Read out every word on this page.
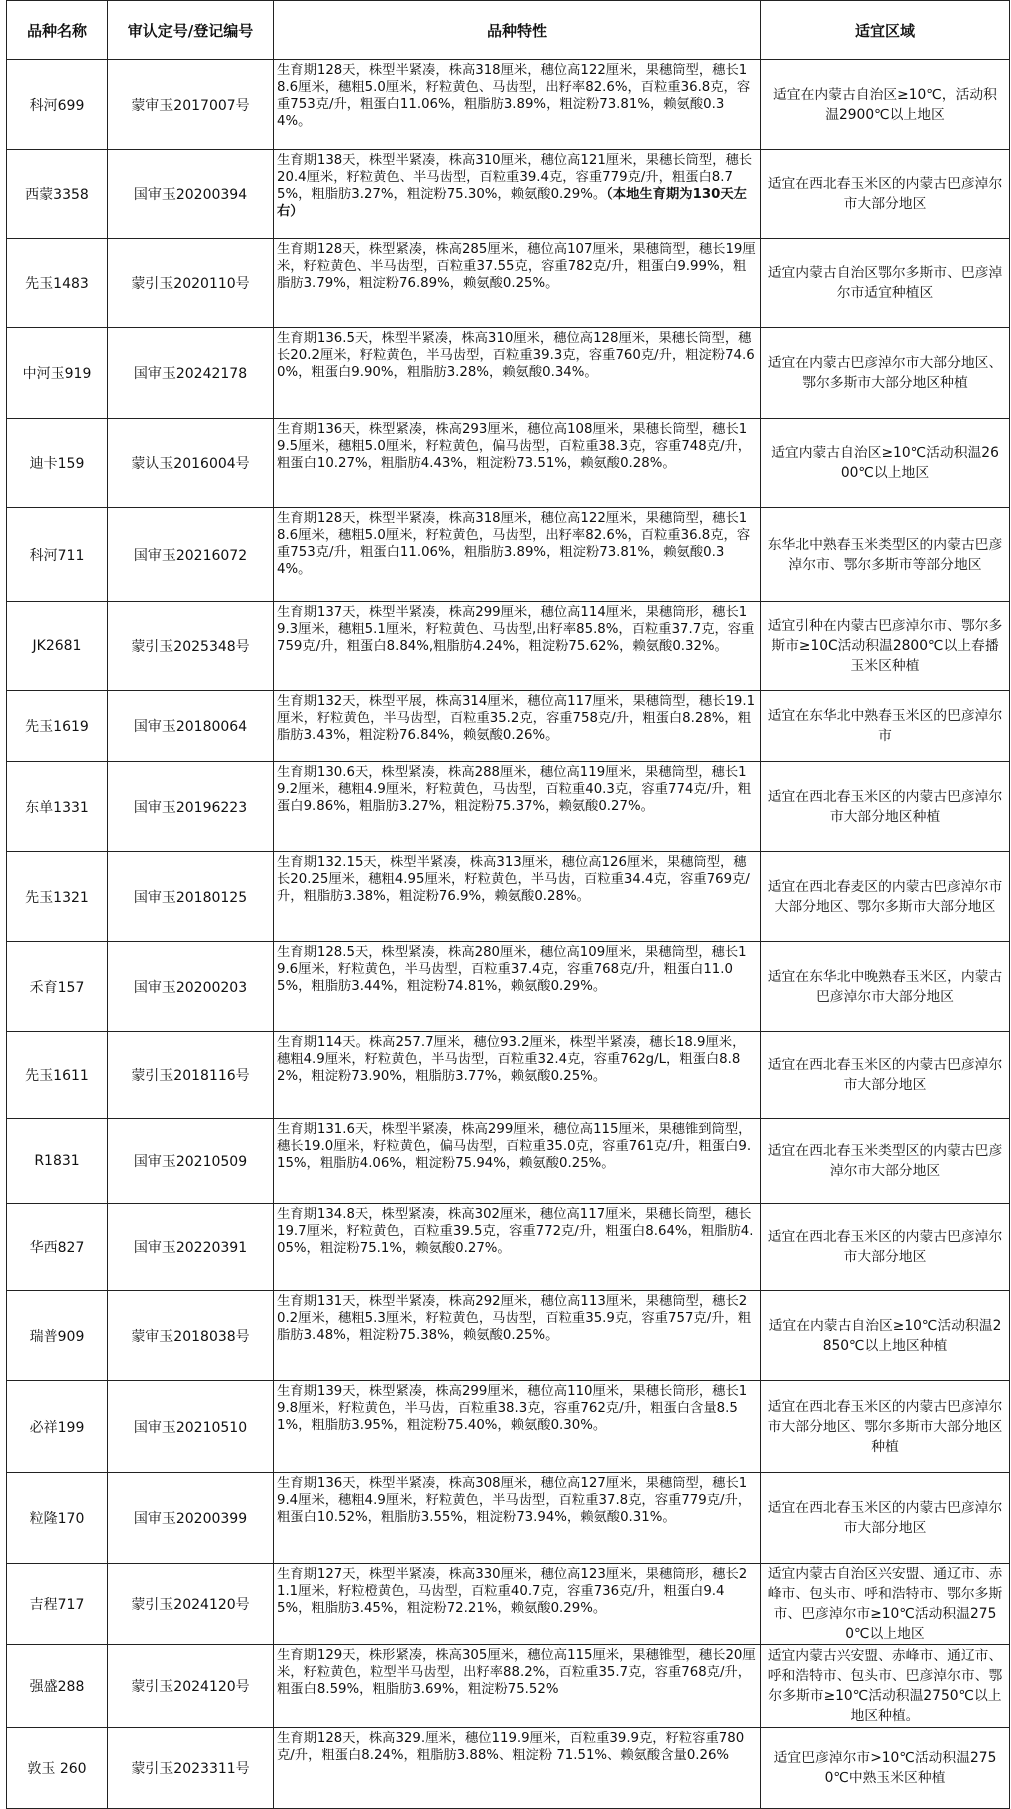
品种名称	审认定号/登记编号	品种特性	适宜区域
科河699	蒙审玉2017007号	生育期128天，株型半紧凑，株高318厘米，穗位高122厘米，果穗筒型，穗长18.6厘米，穗粗5.0厘米，籽粒黄色、马齿型，出籽率82.6%，百粒重36.8克，容重753克/升，粗蛋白11.06%，粗脂肪3.89%，粗淀粉73.81%，赖氨酸0.34%。	适宜在内蒙古自治区≥10℃，活动积温2900℃以上地区
西蒙3358	国审玉20200394	生育期138天，株型半紧凑，株高310厘米，穗位高121厘米，果穗长筒型，穗长20.4厘米，籽粒黄色、半马齿型，百粒重39.4克，容重779克/升，粗蛋白8.75%，粗脂肪3.27%，粗淀粉75.30%，赖氨酸0.29%。（本地生育期为130天左右）	适宜在西北春玉米区的内蒙古巴彦淖尔市大部分地区
先玉1483	蒙引玉2020110号	生育期128天，株型紧凑，株高285厘米，穗位高107厘米，果穗筒型，穗长19厘米，籽粒黄色、半马齿型，百粒重37.55克，容重782克/升，粗蛋白9.99%，粗脂肪3.79%，粗淀粉76.89%，赖氨酸0.25%。	适宜内蒙古自治区鄂尔多斯市、巴彦淖尔市适宜种植区
中河玉919	国审玉20242178	生育期136.5天，株型半紧凑，株高310厘米，穗位高128厘米，果穗长筒型，穗长20.2厘米，籽粒黄色，半马齿型，百粒重39.3克，容重760克/升，粗淀粉74.60%，粗蛋白9.90%，粗脂肪3.28%，赖氨酸0.34%。	适宜在内蒙古巴彦淖尔市大部分地区、鄂尔多斯市大部分地区种植
迪卡159	蒙认玉2016004号	生育期136天，株型紧凑，株高293厘米，穗位高108厘米，果穗长筒型，穗长19.5厘米，穗粗5.0厘米，籽粒黄色，偏马齿型，百粒重38.3克，容重748克/升，粗蛋白10.27%，粗脂肪4.43%，粗淀粉73.51%，赖氨酸0.28%。	适宜内蒙古自治区≥10℃活动积温2600℃以上地区
科河711	国审玉20216072	生育期128天，株型半紧凑，株高318厘米，穗位高122厘米，果穗筒型，穗长18.6厘米，穗粗5.0厘米，籽粒黄色，马齿型，出籽率82.6%，百粒重36.8克，容重753克/升，粗蛋白11.06%，粗脂肪3.89%，粗淀粉73.81%，赖氨酸0.34%。	东华北中熟春玉米类型区的内蒙古巴彦淖尔市、鄂尔多斯市等部分地区
JK2681	蒙引玉2025348号	生育期137天，株型半紧凑，株高299厘米，穗位高114厘米，果穗筒形，穗长19.3厘米，穗粗5.1厘米，籽粒黄色、马齿型,出籽率85.8%，百粒重37.7克，容重759克/升，粗蛋白8.84%,粗脂肪4.24%，粗淀粉75.62%，赖氨酸0.32%。	适宜引种在内蒙古巴彦淖尔市、鄂尔多斯市≥10C活动积温2800℃以上春播玉米区种植
先玉1619	国审玉20180064	生育期132天，株型平展，株高314厘米，穗位高117厘米，果穗筒型，穗长19.1厘米，籽粒黄色，半马齿型，百粒重35.2克，容重758克/升，粗蛋白8.28%，粗脂肪3.43%，粗淀粉76.84%，赖氨酸0.26%。	适宜在东华北中熟春玉米区的巴彦淖尔市
东单1331	国审玉20196223	生育期130.6天，株型紧凑，株高288厘米，穗位高119厘米，果穗筒型，穗长19.2厘米，穗粗4.9厘米，籽粒黄色，马齿型，百粒重40.3克，容重774克/升，粗蛋白9.86%，粗脂肪3.27%，粗淀粉75.37%，赖氨酸0.27%。	适宜在西北春玉米区的内蒙古巴彦淖尔市大部分地区种植
先玉1321	国审玉20180125	生育期132.15天，株型半紧凑，株高313厘米，穗位高126厘米，果穗筒型，穗长20.25厘米，穗粗4.95厘米，籽粒黄色，半马齿，百粒重34.4克，容重769克/升，粗脂肪3.38%，粗淀粉76.9%，赖氨酸0.28%。	适宜在西北春麦区的内蒙古巴彦淖尔市大部分地区、鄂尔多斯市大部分地区
禾育157	国审玉20200203	生育期128.5天，株型紧凑，株高280厘米，穗位高109厘米，果穗筒型，穗长19.6厘米，籽粒黄色，半马齿型，百粒重37.4克，容重768克/升，粗蛋白11.05%，粗脂肪3.44%，粗淀粉74.81%，赖氨酸0.29%。	适宜在东华北中晚熟春玉米区，内蒙古巴彦淖尔市大部分地区
先玉1611	蒙引玉2018116号	生育期114天。株高257.7厘米，穗位93.2厘米，株型半紧凑，穗长18.9厘米，穗粗4.9厘米，籽粒黄色，半马齿型，百粒重32.4克，容重762g/L，粗蛋白8.82%，粗淀粉73.90%，粗脂肪3.77%，赖氨酸0.25%。	适宜在西北春玉米区的内蒙古巴彦淖尔市大部分地区
R1831	国审玉20210509	生育期131.6天，株型半紧凑，株高299厘米，穗位高115厘米，果穗锥到筒型，穗长19.0厘米，籽粒黄色，偏马齿型，百粒重35.0克，容重761克/升，粗蛋白9.15%，粗脂肪4.06%，粗淀粉75.94%，赖氨酸0.25%。	适宜在西北春玉米类型区的内蒙古巴彦淖尔市大部分地区
华西827	国审玉20220391	生育期134.8天，株型紧凑，株高302厘米，穗位高117厘米，果穗长筒型，穗长19.7厘米，籽粒黄色，百粒重39.5克，容重772克/升，粗蛋白8.64%，粗脂肪4.05%，粗淀粉75.1%，赖氨酸0.27%。	适宜在西北春玉米区的内蒙古巴彦淖尔市大部分地区
瑞普909	蒙审玉2018038号	生育期131天，株型半紧凑，株高292厘米，穗位高113厘米，果穗筒型，穗长20.2厘米，穗粗5.3厘米，籽粒黄色，马齿型，百粒重35.9克，容重757克/升，粗脂肪3.48%，粗淀粉75.38%，赖氨酸0.25%。	适宜在内蒙古自治区≥10℃活动积温2850℃以上地区种植
必祥199	国审玉20210510	生育期139天，株型紧凑，株高299厘米，穗位高110厘米，果穗长筒形，穗长19.8厘米，籽粒黄色，半马齿，百粒重38.3克，容重762克/升，粗蛋白含量8.51%，粗脂肪3.95%，粗淀粉75.40%，赖氨酸0.30%。	适宜在西北春玉米区的内蒙古巴彦淖尔市大部分地区、鄂尔多斯市大部分地区种植
粒隆170	国审玉20200399	生育期136天，株型半紧凑，株高308厘米，穗位高127厘米，果穗筒型，穗长19.4厘米，穗粗4.9厘米，籽粒黄色，半马齿型，百粒重37.8克，容重779克/升，粗蛋白10.52%，粗脂肪3.55%，粗淀粉73.94%，赖氨酸0.31%。	适宜在西北春玉米区的内蒙古巴彦淖尔市大部分地区
吉程717	蒙引玉2024120号	生育期127天，株型半紧凑，株高330厘米，穗位高123厘米，果穗筒形，穗长21.1厘米，籽粒橙黄色，马齿型，百粒重40.7克，容重736克/升，粗蛋白9.45%，粗脂肪3.45%，粗淀粉72.21%，赖氨酸0.29%。	适宜内蒙古自治区兴安盟、通辽市、赤峰市、包头市、呼和浩特市、鄂尔多斯市、巴彦淖尔市≥10℃活动积温2750℃以上地区
强盛288	蒙引玉2024120号	生育期129天，株形紧凑，株高305厘米，穗位高115厘米，果穗锥型，穗长20厘米，籽粒黄色，粒型半马齿型，出籽率88.2%，百粒重35.7克，容重768克/升，粗蛋白8.59%，粗脂肪3.69%，粗淀粉75.52%	适宜内蒙古兴安盟、赤峰市、通辽市、呼和浩特市、包头市、巴彦淖尔市、鄂尔多斯市≥10℃活动积温2750℃以上地区种植。
敦玉 260	蒙引玉2023311号	生育期128天，株高329.厘米，穗位119.9厘米，百粒重39.9克，籽粒容重780克/升，粗蛋白8.24%，粗脂肪3.88%、粗淀粉 71.51%、赖氨酸含量0.26%	适宜巴彦淖尔市>10℃活动积温2750℃中熟玉米区种植
